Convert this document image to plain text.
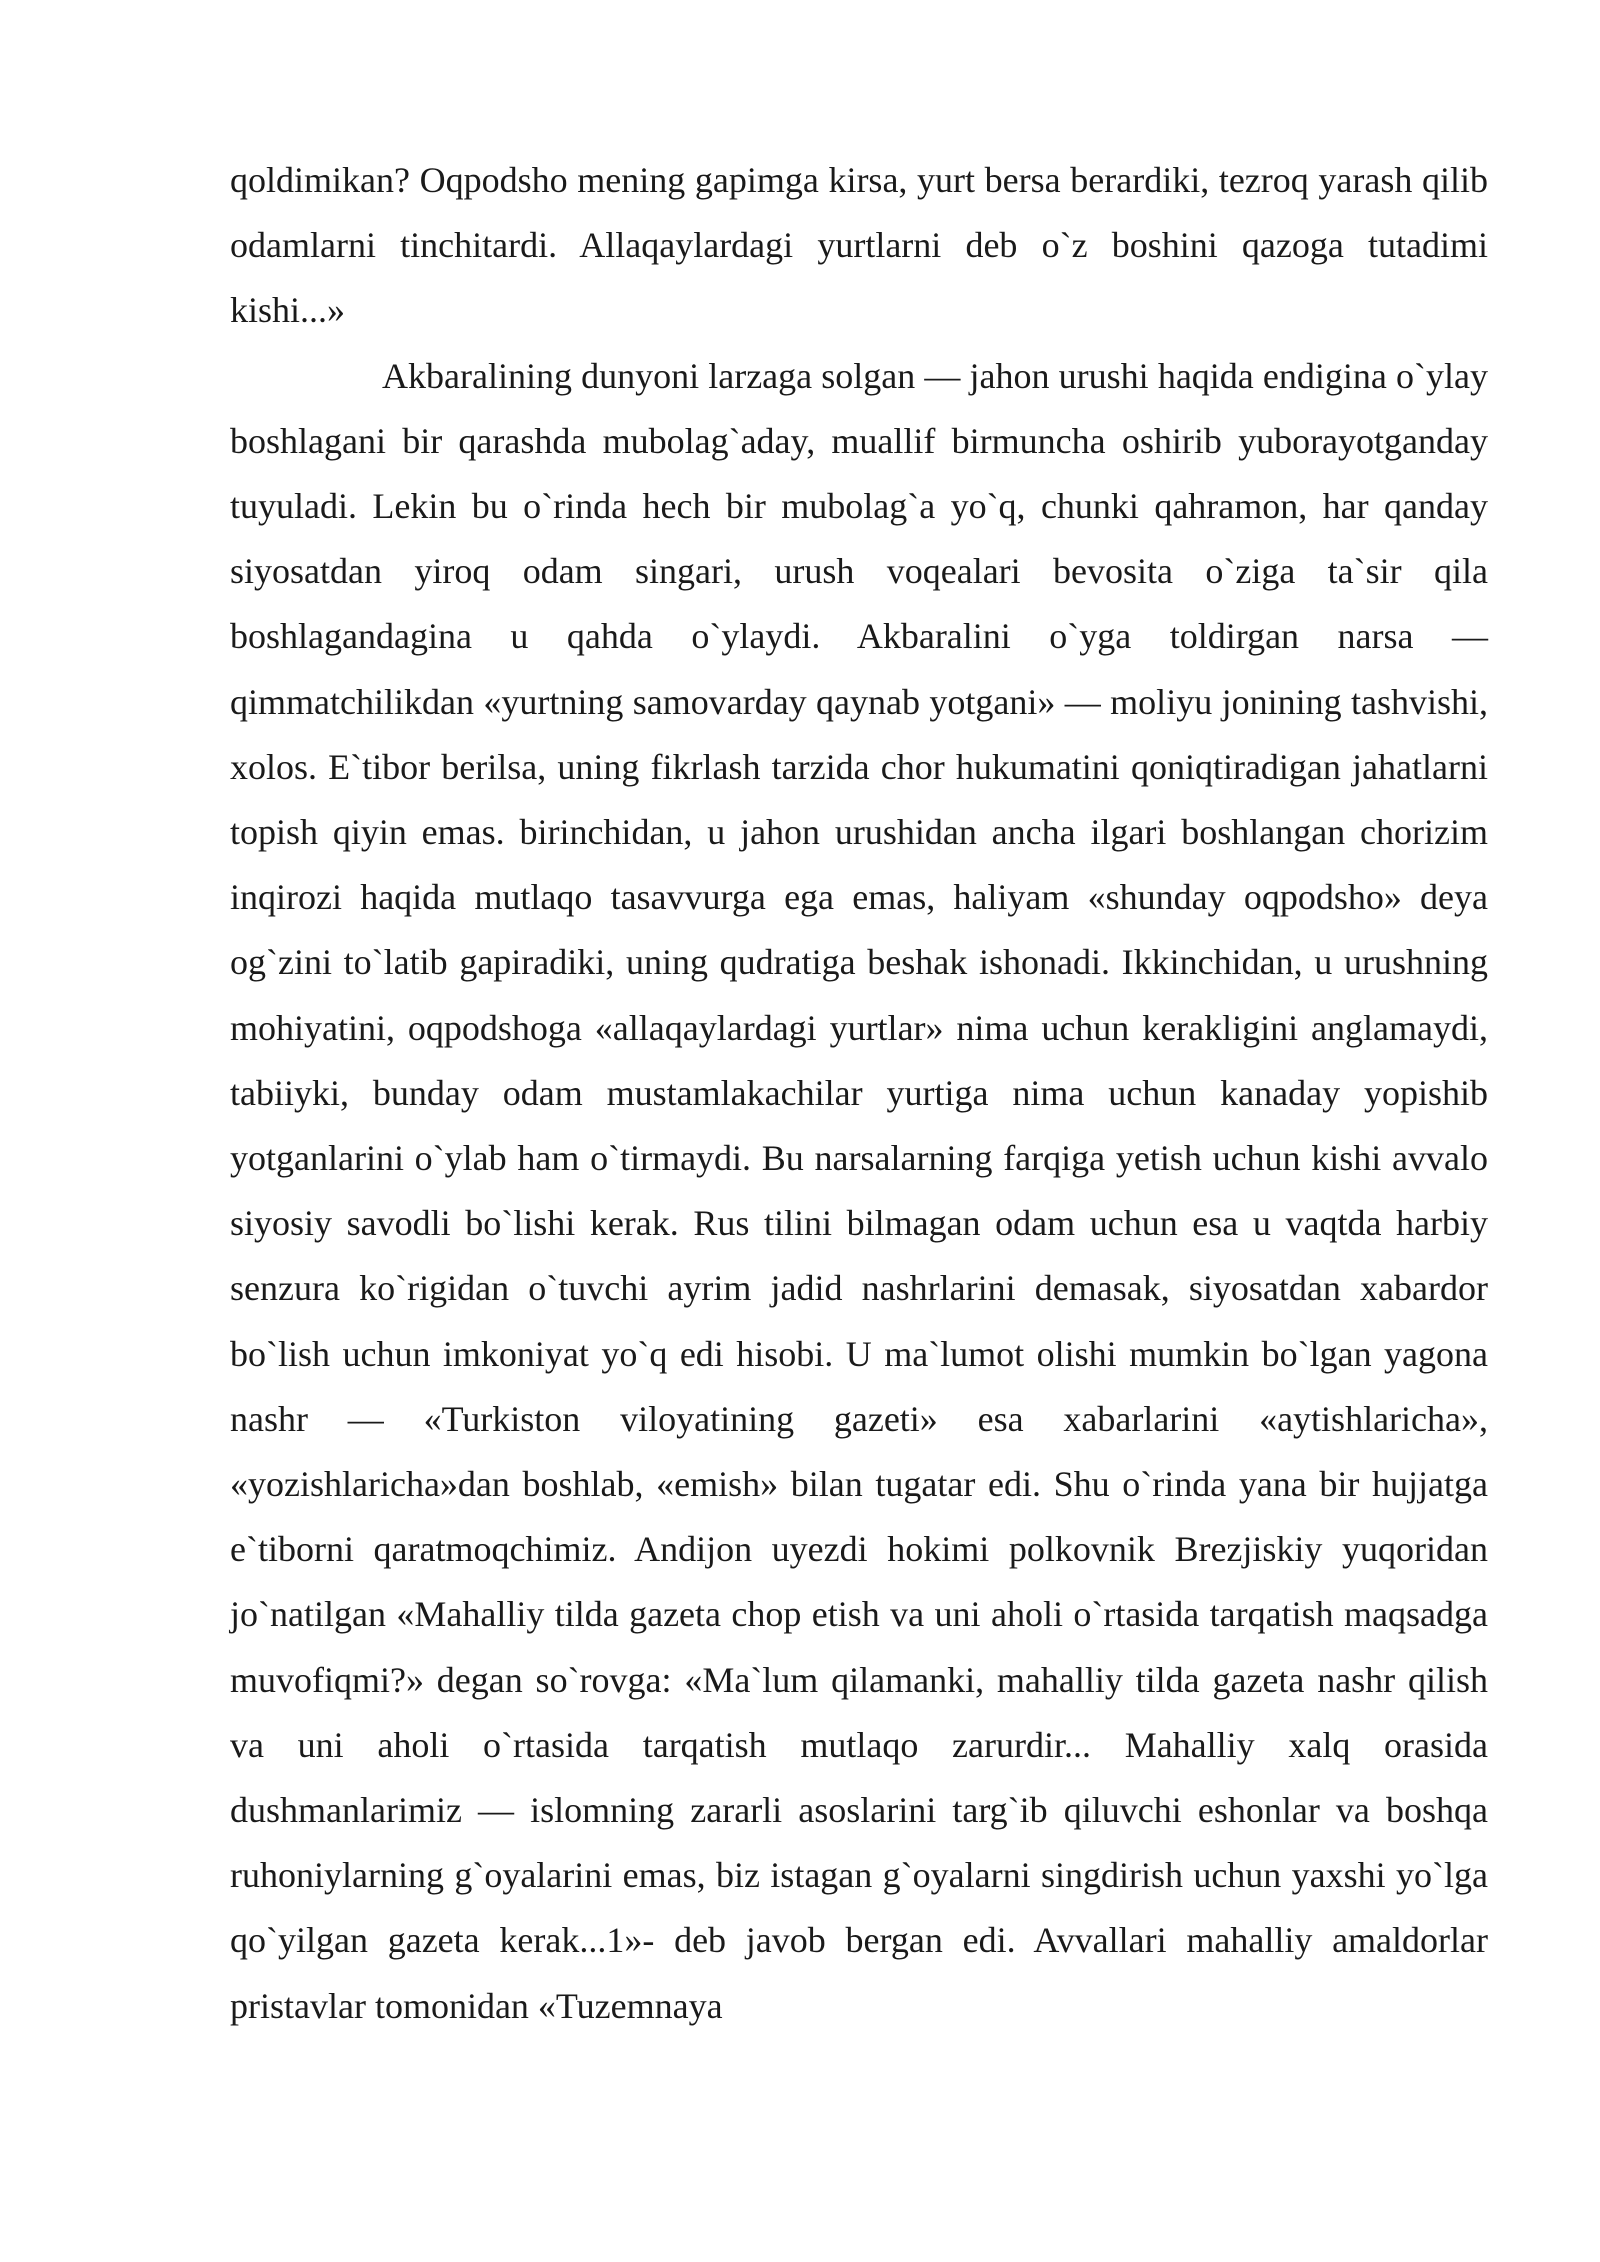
qoldimikan? Oqpodsho mening gapimga kirsa, yurt bersa berardiki, tezroq yarash qilib odamlarni tinchitardi. Allaqaylardagi yurtlarni deb o`z boshini qazoga tutadimi kishi...»

Akbaralining dunyoni larzaga solgan — jahon urushi haqida endigina o`ylay boshlagani bir qarashda mubolag`aday, muallif birmuncha oshirib yuborayotganday tuyuladi. Lekin bu o`rinda hech bir mubolag`a yo`q, chunki qahramon, har qanday siyosatdan yiroq odam singari, urush voqealari bevosita o`ziga ta`sir qila boshlagandagina u qahda o`ylaydi. Akbaralini o`yga toldirgan narsa — qimmatchilikdan «yurtning samovarday qaynab yotgani» — moliyu jonining tashvishi, xolos. E`tibor berilsa, uning fikrlash tarzida chor hukumatini qoniqtiradigan jahatlarni topish qiyin emas. birinchidan, u jahon urushidan ancha ilgari boshlangan chorizim inqirozi haqida mutlaqo tasavvurga ega emas, haliyam «shunday oqpodsho» deya og`zini to`latib gapiradiki, uning qudratiga beshak ishonadi. Ikkinchidan, u urushning mohiyatini, oqpodshoga «allaqaylardagi yurtlar» nima uchun kerakligini anglamaydi, tabiiyki, bunday odam mustamlakachilar yurtiga nima uchun kanaday yopishib yotganlarini o`ylab ham o`tirmaydi. Bu narsalarning farqiga yetish uchun kishi avvalo siyosiy savodli bo`lishi kerak. Rus tilini bilmagan odam uchun esa u vaqtda harbiy senzura ko`rigidan o`tuvchi ayrim jadid nashrlarini demasak, siyosatdan xabardor bo`lish uchun imkoniyat yo`q edi hisobi. U ma`lumot olishi mumkin bo`lgan yagona nashr — «Turkiston viloyatining gazeti» esa xabarlarini «aytishlaricha», «yozishlaricha»dan boshlab, «emish» bilan tugatar edi. Shu o`rinda yana bir hujjatga e`tiborni qaratmoqchimiz. Andijon uyezdi hokimi polkovnik Brezjiskiy yuqoridan jo`natilgan «Mahalliy tilda gazeta chop etish va uni aholi o`rtasida tarqatish maqsadga muvofiqmi?» degan so`rovga: «Ma`lum qilamanki, mahalliy tilda gazeta nashr qilish va uni aholi o`rtasida tarqatish mutlaqo zarurdir... Mahalliy xalq orasida dushmanlarimiz — islomning zararli asoslarini targ`ib qiluvchi eshonlar va boshqa ruhoniylarning g`oyalarini emas, biz istagan g`oyalarni singdirish uchun yaxshi yo`lga qo`yilgan gazeta kerak...1»- deb javob bergan edi. Avvallari mahalliy amaldorlar pristavlar tomonidan «Tuzemnaya
